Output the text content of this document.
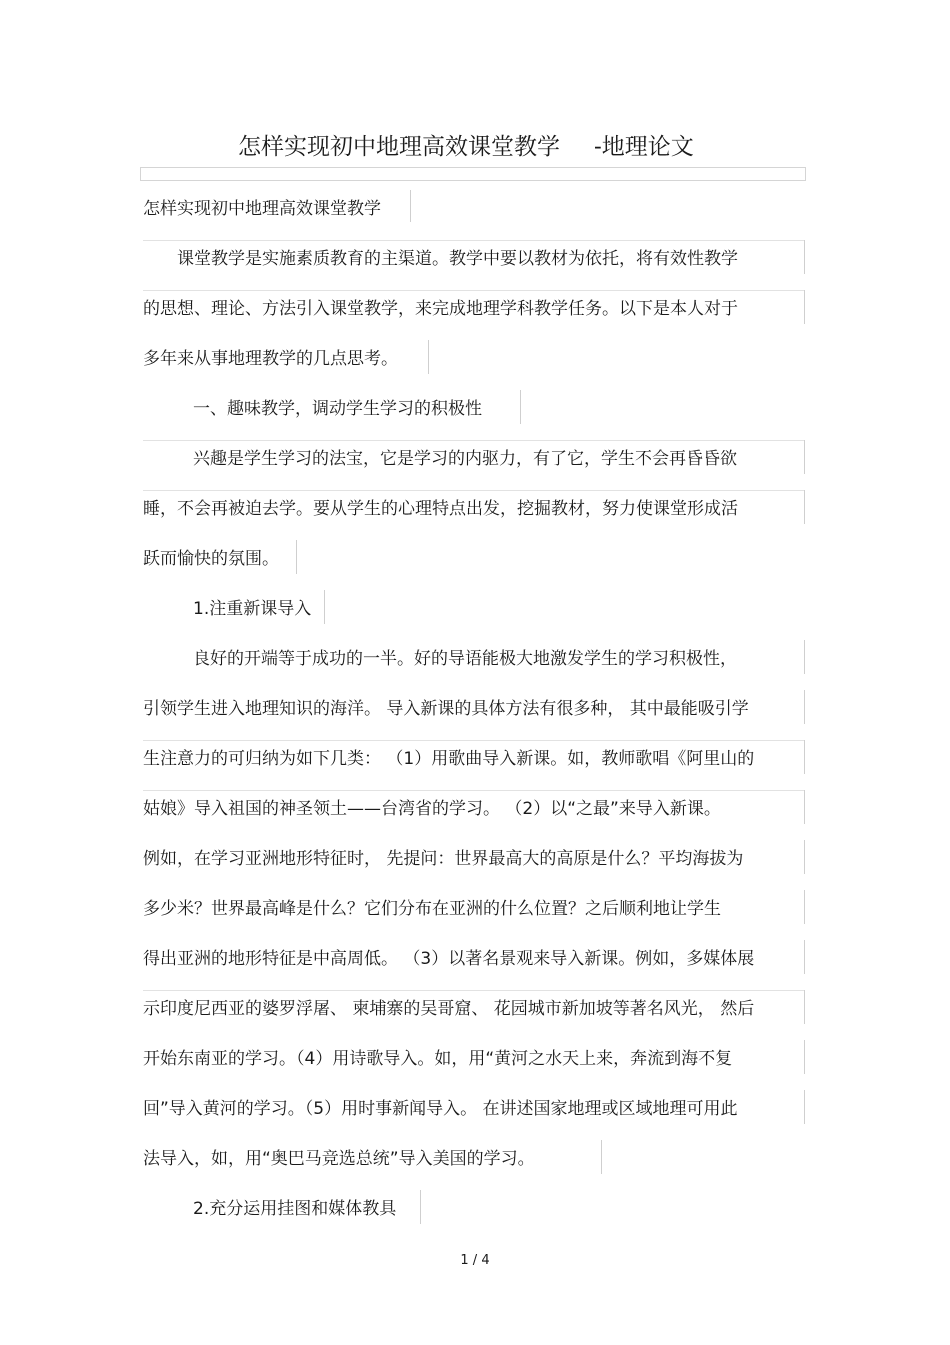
怎样实现初中地理高效课堂教学 -地理论文
怎样实现初中地理高效课堂教学
课堂教学是实施素质教育的主渠道。教学中要以教材为依托，将有效性教学
的思想、理论、方法引入课堂教学，来完成地理学科教学任务。以下是本人对于
多年来从事地理教学的几点思考。
一、趣味教学，调动学生学习的积极性
兴趣是学生学习的法宝，它是学习的内驱力，有了它，学生不会再昏昏欲
睡，不会再被迫去学。要从学生的心理特点出发，挖掘教材，努力使课堂形成活
跃而愉快的氛围。
1.注重新课导入
良好的开端等于成功的一半。好的导语能极大地激发学生的学习积极性，
引领学生进入地理知识的海洋。 导入新课的具体方法有很多种， 其中最能吸引学
生注意力的可归纳为如下几类： （1）用歌曲导入新课。如，教师歌唱《阿里山的
姑娘》导入祖国的神圣领土——台湾省的学习。 （2）以“之最”来导入新课。
例如，在学习亚洲地形特征时， 先提问：世界最高大的高原是什么？平均海拔为
多少米？世界最高峰是什么？它们分布在亚洲的什么位置？之后顺利地让学生
得出亚洲的地形特征是中高周低。 （3）以著名景观来导入新课。例如，多媒体展
示印度尼西亚的婆罗浮屠、 柬埔寨的吴哥窟、 花园城市新加坡等著名风光， 然后
开始东南亚的学习。（4）用诗歌导入。如，用“黄河之水天上来，奔流到海不复
回”导入黄河的学习。（5）用时事新闻导入。 在讲述国家地理或区域地理可用此
法导入，如，用“奥巴马竞选总统”导入美国的学习。
2.充分运用挂图和媒体教具
1 / 4
